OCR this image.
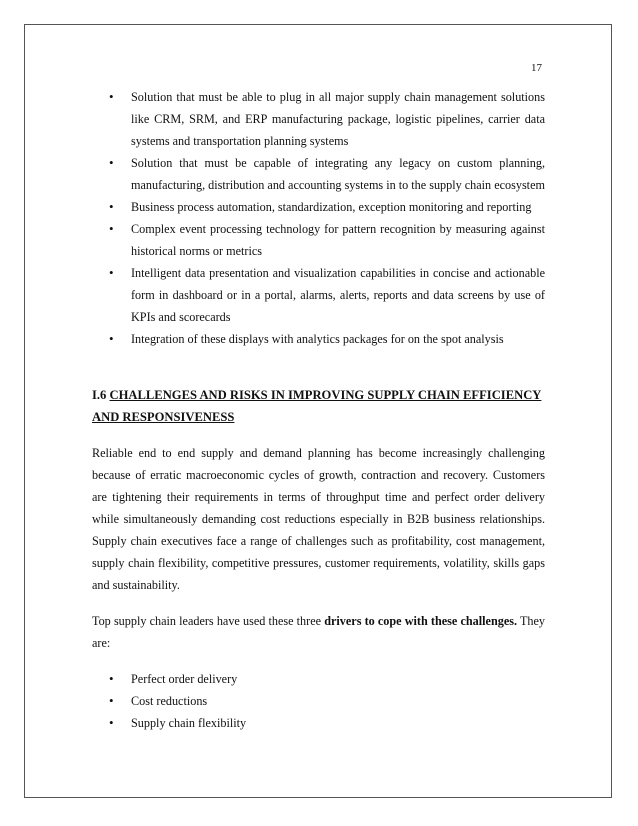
17
• Solution that must be able to plug in all major supply chain management solutions like CRM, SRM, and ERP manufacturing package, logistic pipelines, carrier data systems and transportation planning systems
• Solution that must be capable of integrating any legacy on custom planning, manufacturing, distribution and accounting systems in to the supply chain ecosystem
• Business process automation, standardization, exception monitoring and reporting
• Complex event processing technology for pattern recognition by measuring against historical norms or metrics
• Intelligent data presentation and visualization capabilities in concise and actionable form in dashboard or in a portal, alarms, alerts, reports and data screens by use of KPIs and scorecards
• Integration of these displays with analytics packages for on the spot analysis
I.6 CHALLENGES AND RISKS IN IMPROVING SUPPLY CHAIN EFFICIENCY
AND RESPONSIVENESS

Reliable end to end supply and demand planning has become increasingly challenging because of erratic macroeconomic cycles of growth, contraction and recovery. Customers are tightening their requirements in terms of throughput time and perfect order delivery while simultaneously demanding cost reductions especially in B2B business relationships. Supply chain executives face a range of challenges such as profitability, cost management, supply chain flexibility, competitive pressures, customer requirements, volatility, skills gaps and sustainability.

Top supply chain leaders have used these three drivers to cope with these challenges. They are:

• Perfect order delivery
• Cost reductions
• Supply chain flexibility
